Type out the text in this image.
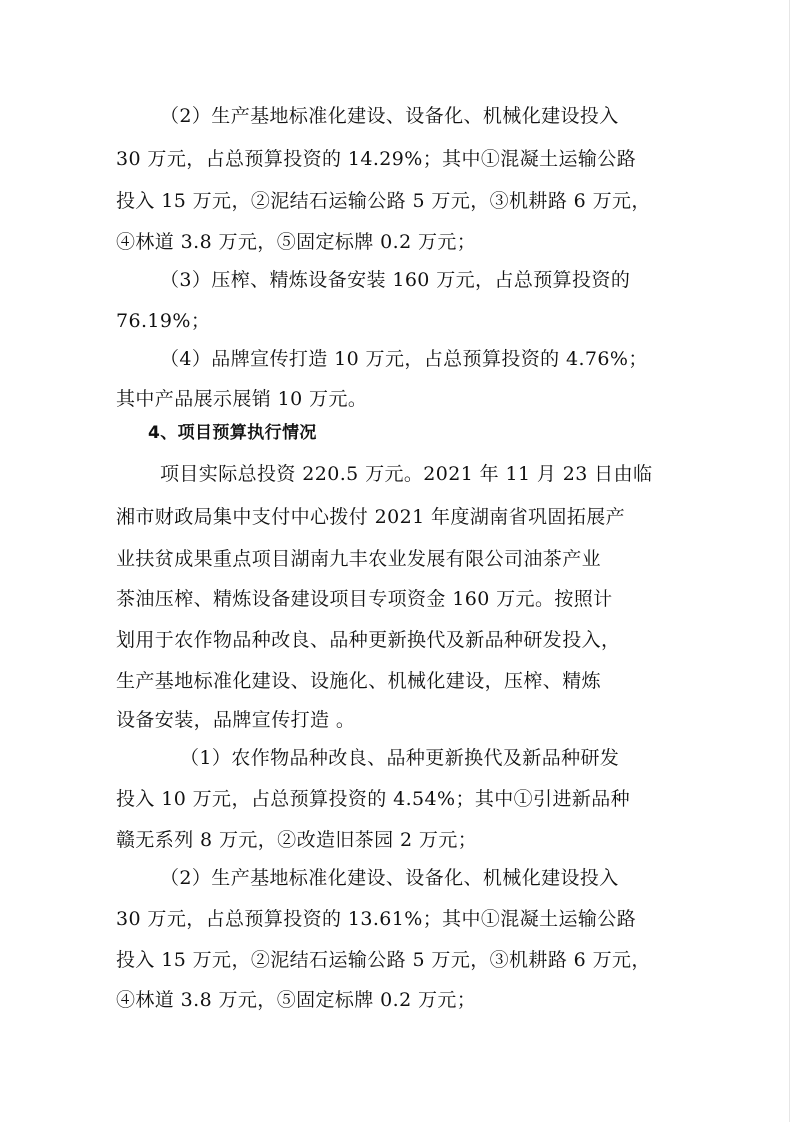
（2）生产基地标准化建设、设备化、机械化建设投入
30 万元，占总预算投资的 14.29%；其中①混凝土运输公路
投入 15 万元，②泥结石运输公路 5 万元，③机耕路 6 万元，
④林道 3.8 万元，⑤固定标牌 0.2 万元；
（3）压榨、精炼设备安装 160 万元，占总预算投资的
76.19%；
（4）品牌宣传打造 10 万元，占总预算投资的 4.76%；
其中产品展示展销 10 万元。
4、项目预算执行情况
项目实际总投资 220.5 万元。2021 年 11 月 23 日由临
湘市财政局集中支付中心拨付 2021 年度湖南省巩固拓展产
业扶贫成果重点项目湖南九丰农业发展有限公司油茶产业
茶油压榨、精炼设备建设项目专项资金 160 万元。按照计
划用于农作物品种改良、品种更新换代及新品种研发投入，
生产基地标准化建设、设施化、机械化建设，压榨、精炼
设备安装，品牌宣传打造 。
（1）农作物品种改良、品种更新换代及新品种研发
投入 10 万元，占总预算投资的 4.54%；其中①引进新品种
赣无系列 8 万元，②改造旧茶园 2 万元；
（2）生产基地标准化建设、设备化、机械化建设投入
30 万元，占总预算投资的 13.61%；其中①混凝土运输公路
投入 15 万元，②泥结石运输公路 5 万元，③机耕路 6 万元，
④林道 3.8 万元，⑤固定标牌 0.2 万元；
